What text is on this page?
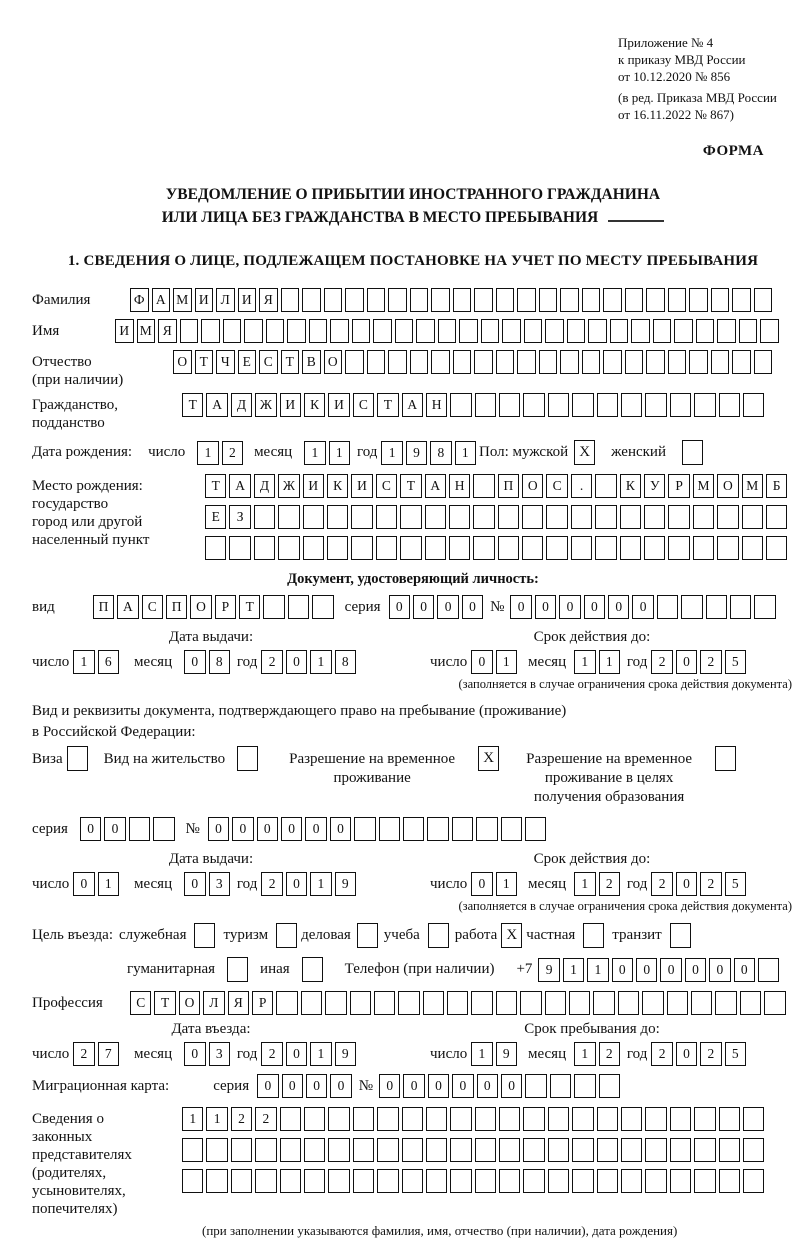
Приложение № 4
к приказу МВД России
от 10.12.2020 № 856
(в ред. Приказа МВД России
от 16.11.2022 № 867)
ФОРМА
УВЕДОМЛЕНИЕ О ПРИБЫТИИ ИНОСТРАННОГО ГРАЖДАНИНА
ИЛИ ЛИЦА БЕЗ ГРАЖДАНСТВА В МЕСТО ПРЕБЫВАНИЯ
1. СВЕДЕНИЯ О ЛИЦЕ, ПОДЛЕЖАЩЕМ ПОСТАНОВКЕ НА УЧЕТ ПО МЕСТУ ПРЕБЫВАНИЯ
Фамилия	Ф А М И Л И Я
Имя	И М Я
Отчество
(при наличии)
О Т Ч Е С Т В О
Гражданство,
подданство
Т	А	Д	Ж И	К	И	С	Т	А	Н
Дата рождения: число	1	2	месяц	1	1 год 1	9	8	1 Пол: мужской X	женский
Место рождения:
государство
город или другой
населенный пункт
Т	А	Д	Ж И	К	И	С	Т	А	Н	П	О	С	.	К	У	Р	М	О	М	Б
Е	З
Документ, удостоверяющий личность:
вид	П	А	С	П	О	Р	Т	серия	0	0	0	0 № 0	0	0	0	0	0
Дата выдачи:
число 1	6	месяц	0	8 год 2	0	1	8
Срок действия до:
число 0	1	месяц	1	1 год 2	0	2	5
(заполняется в случае ограничения срока действия документа)
Вид и реквизиты документа, подтверждающего право на пребывание (проживание)
в Российской Федерации:
Виза	Вид на жительство	Разрешение на временное проживание
X	Разрешение на временное проживание в целях получения образования
серия	0	0	№	0	0	0	0	0	0
Дата выдачи:
число 0	1	месяц	0	3 год 2	0	1	9
Срок действия до:
число 0	1	месяц	1	2 год 2	0	2	5
(заполняется в случае ограничения срока действия документа)
Цель въезда: служебная туризм деловая учеба работа X частная транзит
гуманитарная	иная	Телефон (при наличии) +7 9	1	1	0	0	0	0	0	0
Профессия	С	Т	О	Л	Я	Р
Дата въезда:
число 2	7	месяц	0	3 год 2	0	1	9
Срок пребывания до:
число 1	9	месяц	1	2 год 2	0	2	5
Миграционная карта:	серия	0	0	0	0 № 0	0	0	0	0	0
Сведения о
законных
представителях
(родителях,
усыновителях,
попечителях)
1	1	2	2
(при заполнении указываются фамилия, имя, отчество (при наличии), дата рождения)
